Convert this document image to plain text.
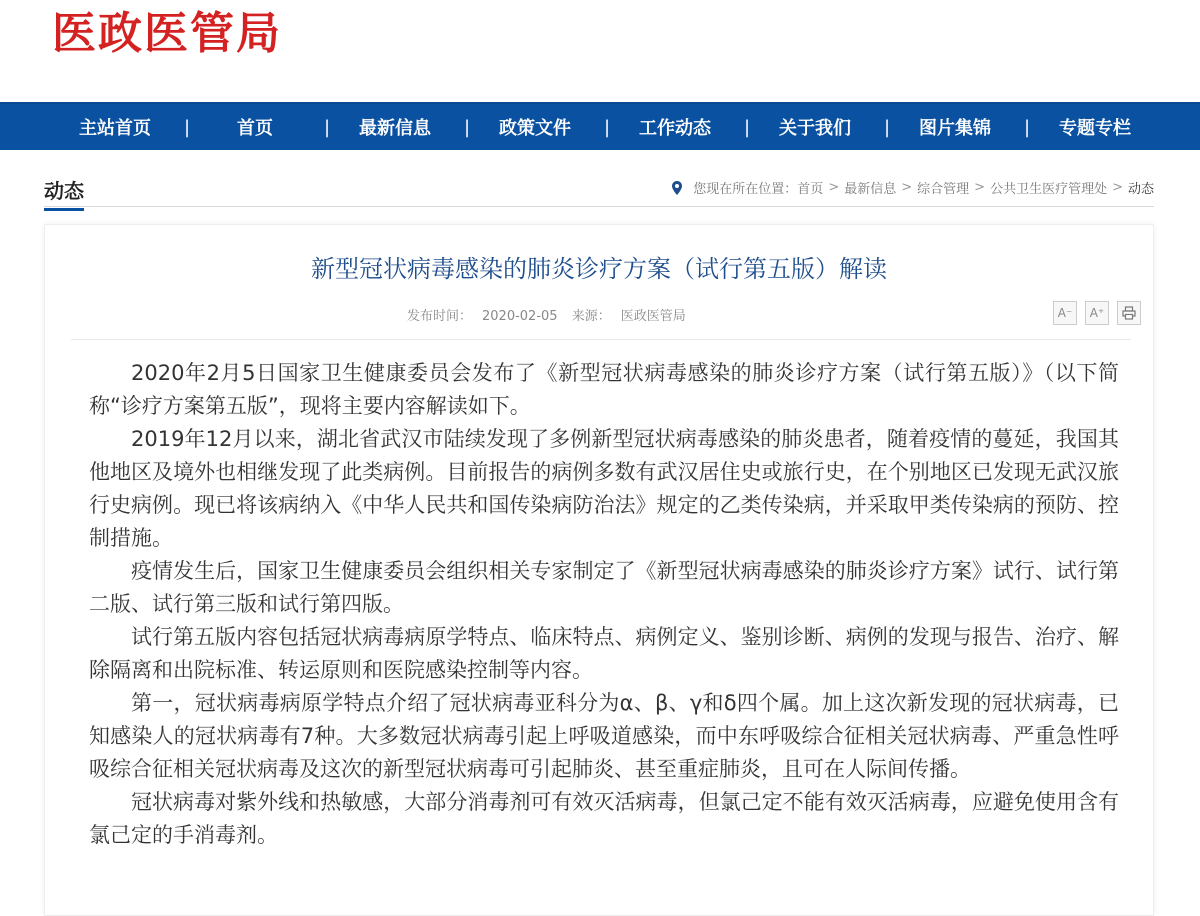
医政医管局
主站首页	|	首页	|	最新信息	|	政策文件	|	工作动态	|	关于我们	|	图片集锦	|	专题专栏
动态	您现在所在位置： 首页 > 最新信息 > 综合管理 > 公共卫生医疗管理处 > 动态
新型冠状病毒感染的肺炎诊疗方案（试行第五版）解读
发布时间： 2020-02-05 来源： 医政医管局	A⁻	A⁺

2020年2月5日国家卫生健康委员会发布了《新型冠状病毒感染的肺炎诊疗方案（试行第五版）》（以下简称“诊疗方案第五版”，现将主要内容解读如下。

2019年12月以来，湖北省武汉市陆续发现了多例新型冠状病毒感染的肺炎患者，随着疫情的蔓延，我国其他地区及境外也相继发现了此类病例。目前报告的病例多数有武汉居住史或旅行史，在个别地区已发现无武汉旅行史病例。现已将该病纳入《中华人民共和国传染病防治法》规定的乙类传染病，并采取甲类传染病的预防、控制措施。

疫情发生后，国家卫生健康委员会组织相关专家制定了《新型冠状病毒感染的肺炎诊疗方案》试行、试行第二版、试行第三版和试行第四版。

试行第五版内容包括冠状病毒病原学特点、临床特点、病例定义、鉴别诊断、病例的发现与报告、治疗、解除隔离和出院标准、转运原则和医院感染控制等内容。

第一，冠状病毒病原学特点介绍了冠状病毒亚科分为α、β、γ和δ四个属。加上这次新发现的冠状病毒，已知感染人的冠状病毒有7种。大多数冠状病毒引起上呼吸道感染，而中东呼吸综合征相关冠状病毒、严重急性呼吸综合征相关冠状病毒及这次的新型冠状病毒可引起肺炎、甚至重症肺炎，且可在人际间传播。

冠状病毒对紫外线和热敏感，大部分消毒剂可有效灭活病毒，但氯己定不能有效灭活病毒，应避免使用含有氯己定的手消毒剂。
